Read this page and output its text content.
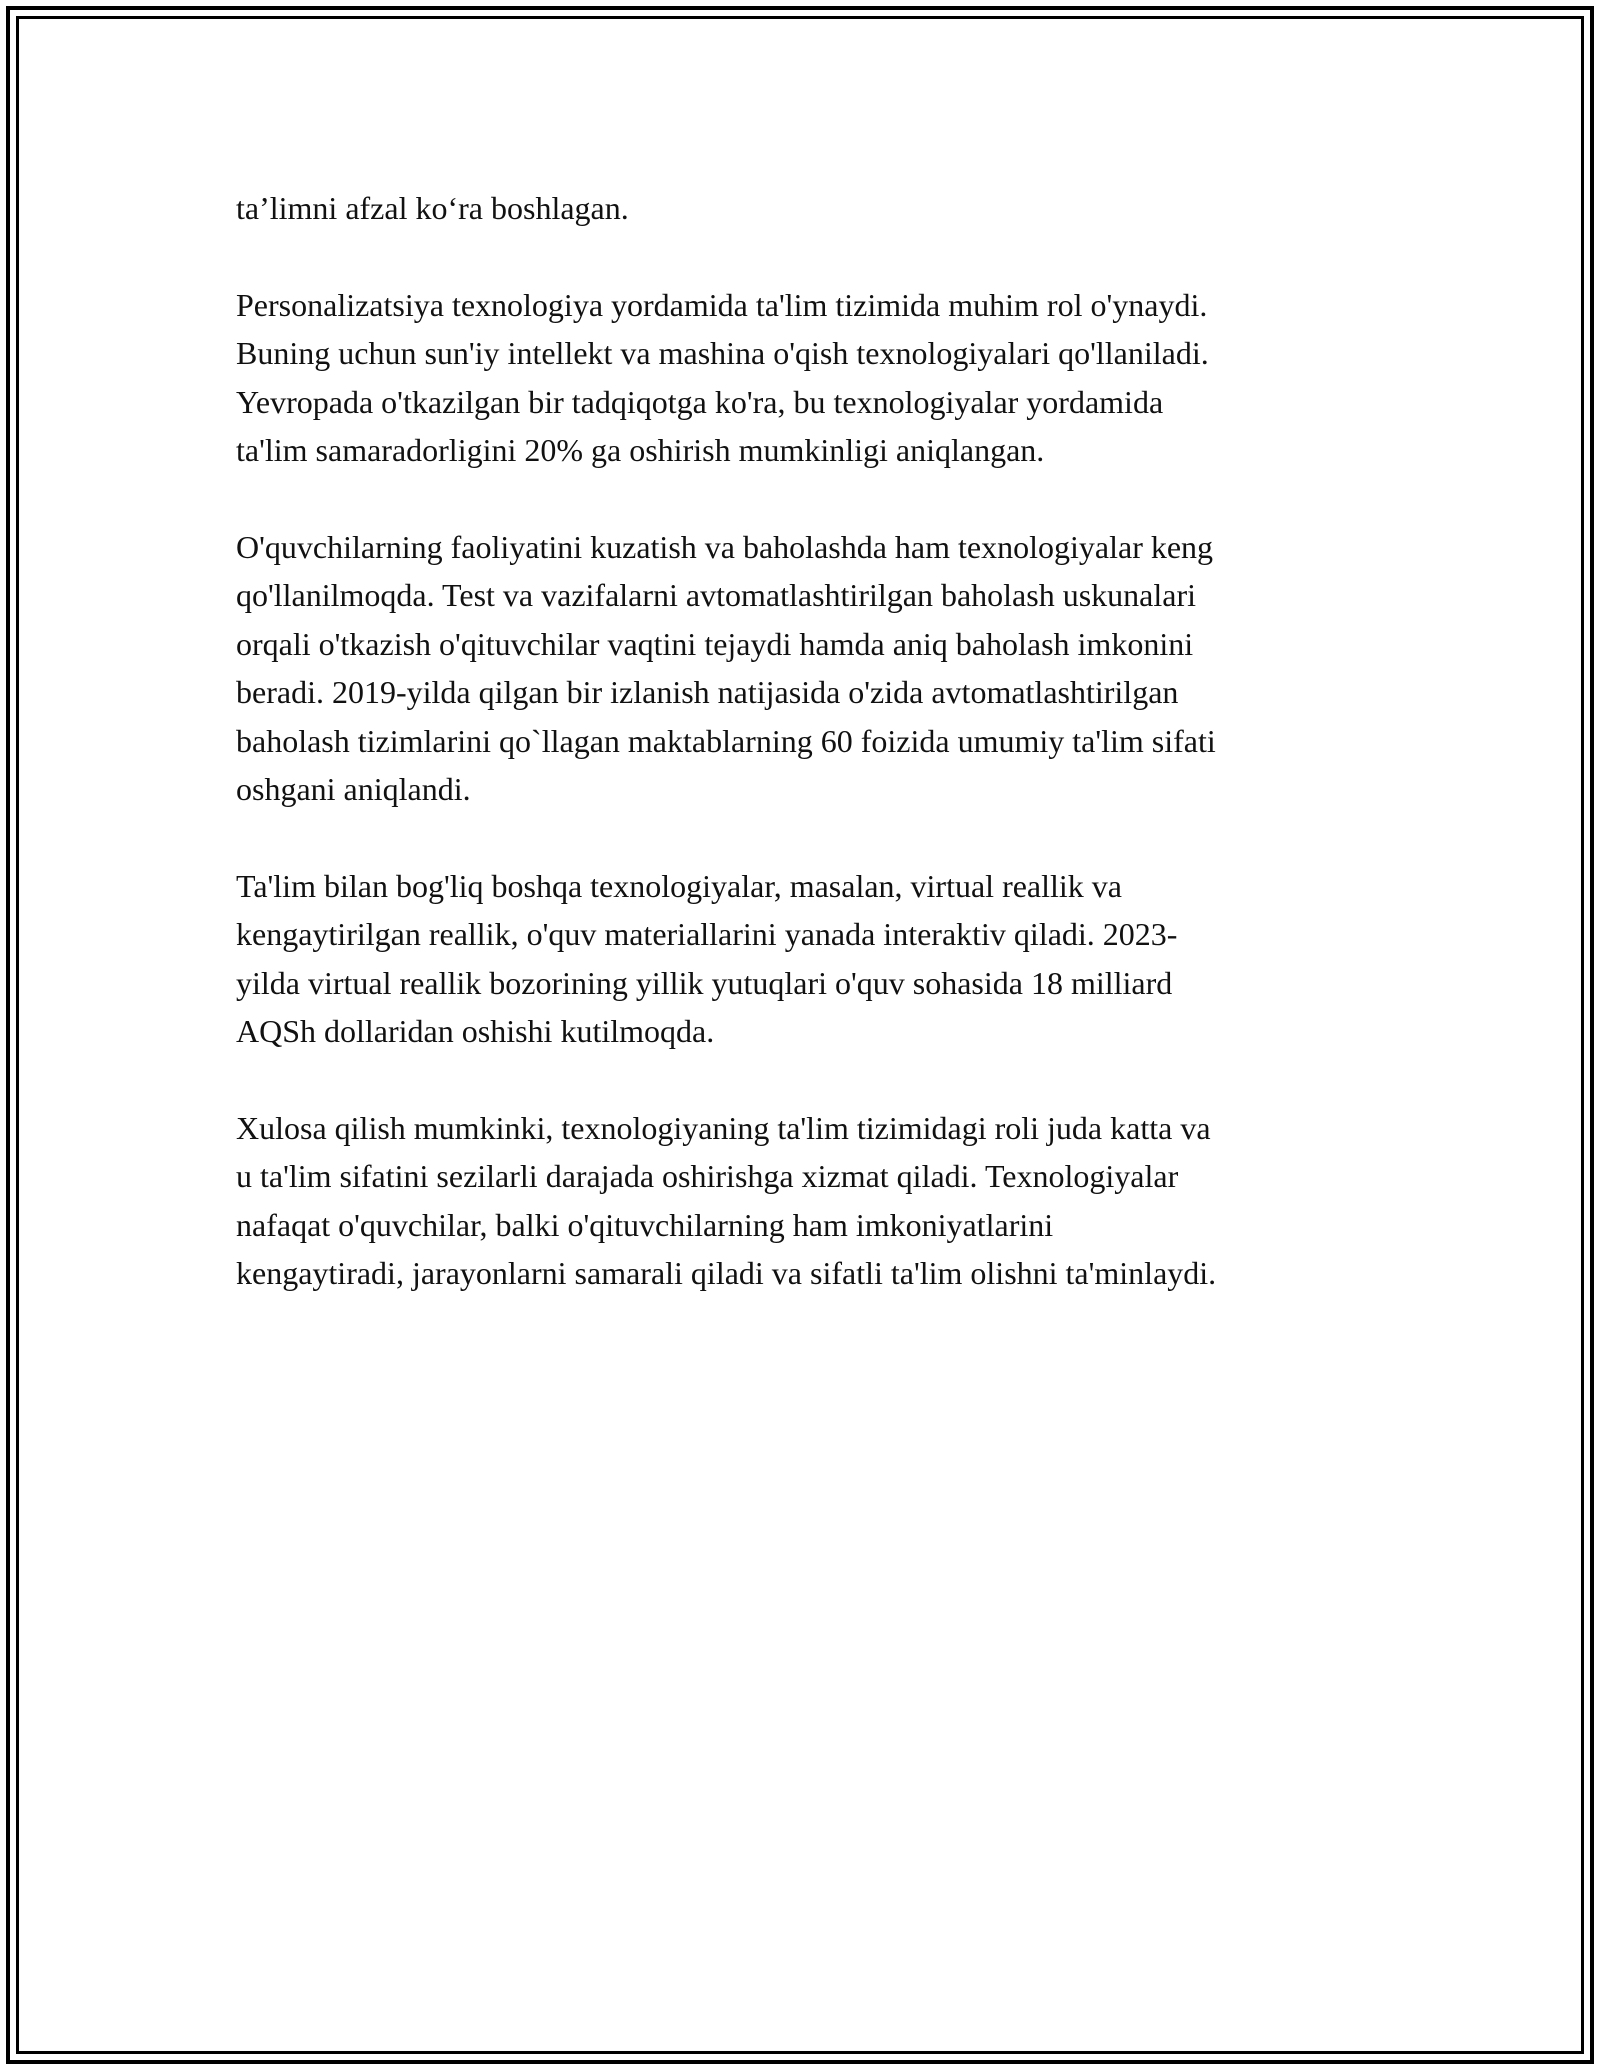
ta’limni afzal ko‘ra boshlagan.

Personalizatsiya texnologiya yordamida ta'lim tizimida muhim rol o'ynaydi.
Buning uchun sun'iy intellekt va mashina o'qish texnologiyalari qo'llaniladi.
Yevropada o'tkazilgan bir tadqiqotga ko'ra, bu texnologiyalar yordamida
ta'lim samaradorligini 20% ga oshirish mumkinligi aniqlangan.

O'quvchilarning faoliyatini kuzatish va baholashda ham texnologiyalar keng
qo'llanilmoqda. Test va vazifalarni avtomatlashtirilgan baholash uskunalari
orqali o'tkazish o'qituvchilar vaqtini tejaydi hamda aniq baholash imkonini
beradi. 2019-yilda qilgan bir izlanish natijasida o'zida avtomatlashtirilgan
baholash tizimlarini qo`llagan maktablarning 60 foizida umumiy ta'lim sifati
oshgani aniqlandi.

Ta'lim bilan bog'liq boshqa texnologiyalar, masalan, virtual reallik va
kengaytirilgan reallik, o'quv materiallarini yanada interaktiv qiladi. 2023-
yilda virtual reallik bozorining yillik yutuqlari o'quv sohasida 18 milliard
AQSh dollaridan oshishi kutilmoqda.

Xulosa qilish mumkinki, texnologiyaning ta'lim tizimidagi roli juda katta va
u ta'lim sifatini sezilarli darajada oshirishga xizmat qiladi. Texnologiyalar
nafaqat o'quvchilar, balki o'qituvchilarning ham imkoniyatlarini
kengaytiradi, jarayonlarni samarali qiladi va sifatli ta'lim olishni ta'minlaydi.
